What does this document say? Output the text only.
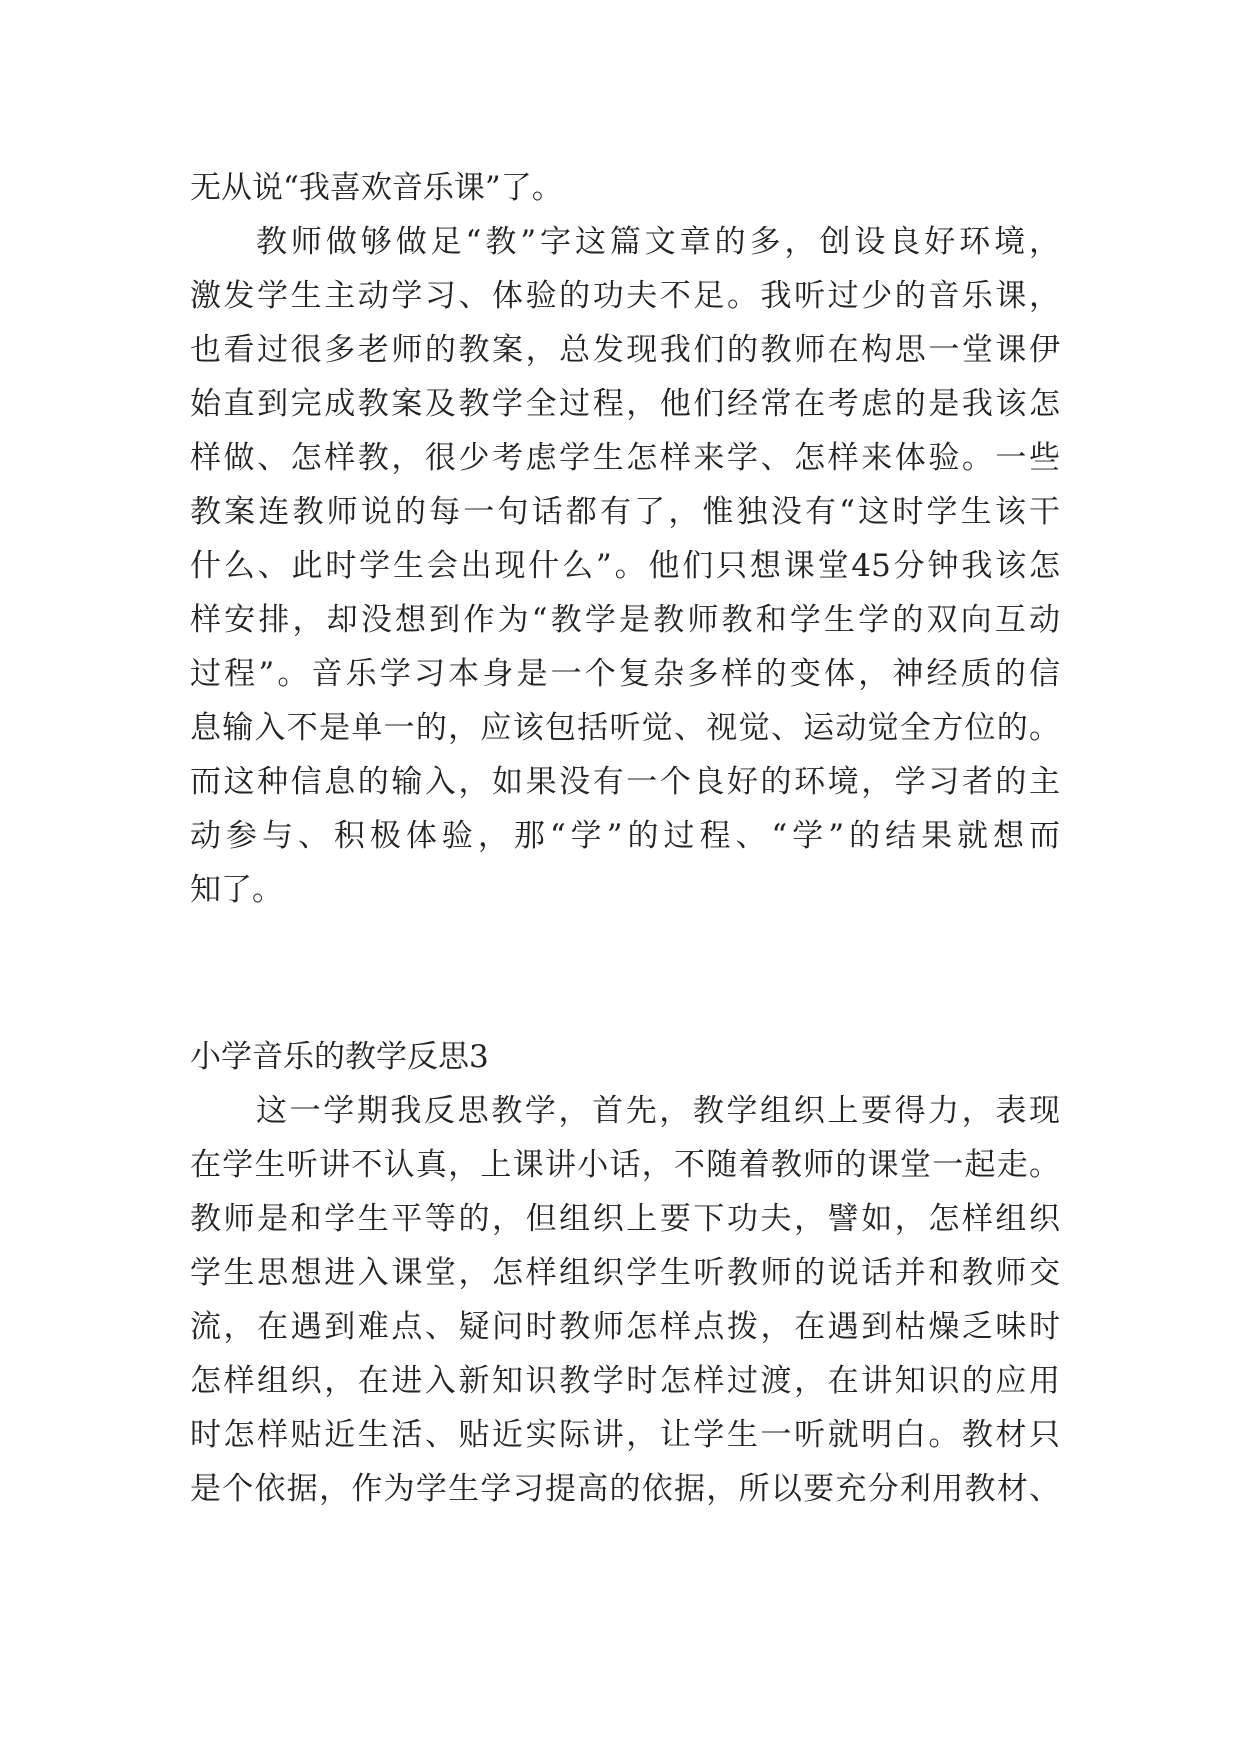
无从说“我喜欢音乐课”了。
教师做够做足“教”字这篇文章的多，创设良好环境，
激发学生主动学习、体验的功夫不足。我听过少的音乐课，
也看过很多老师的教案，总发现我们的教师在构思一堂课伊
始直到完成教案及教学全过程，他们经常在考虑的是我该怎
样做、怎样教，很少考虑学生怎样来学、怎样来体验。一些
教案连教师说的每一句话都有了，惟独没有“这时学生该干
什么、此时学生会出现什么”。他们只想课堂45分钟我该怎
样安排，却没想到作为“教学是教师教和学生学的双向互动
过程”。音乐学习本身是一个复杂多样的变体，神经质的信
息输入不是单一的，应该包括听觉、视觉、运动觉全方位的。
而这种信息的输入，如果没有一个良好的环境，学习者的主
动参与、积极体验，那“学”的过程、“学”的结果就想而
知了。
小学音乐的教学反思3
这一学期我反思教学，首先，教学组织上要得力，表现
在学生听讲不认真，上课讲小话，不随着教师的课堂一起走。
教师是和学生平等的，但组织上要下功夫，譬如，怎样组织
学生思想进入课堂，怎样组织学生听教师的说话并和教师交
流，在遇到难点、疑问时教师怎样点拨，在遇到枯燥乏味时
怎样组织，在进入新知识教学时怎样过渡，在讲知识的应用
时怎样贴近生活、贴近实际讲，让学生一听就明白。教材只
是个依据，作为学生学习提高的依据，所以要充分利用教材、
